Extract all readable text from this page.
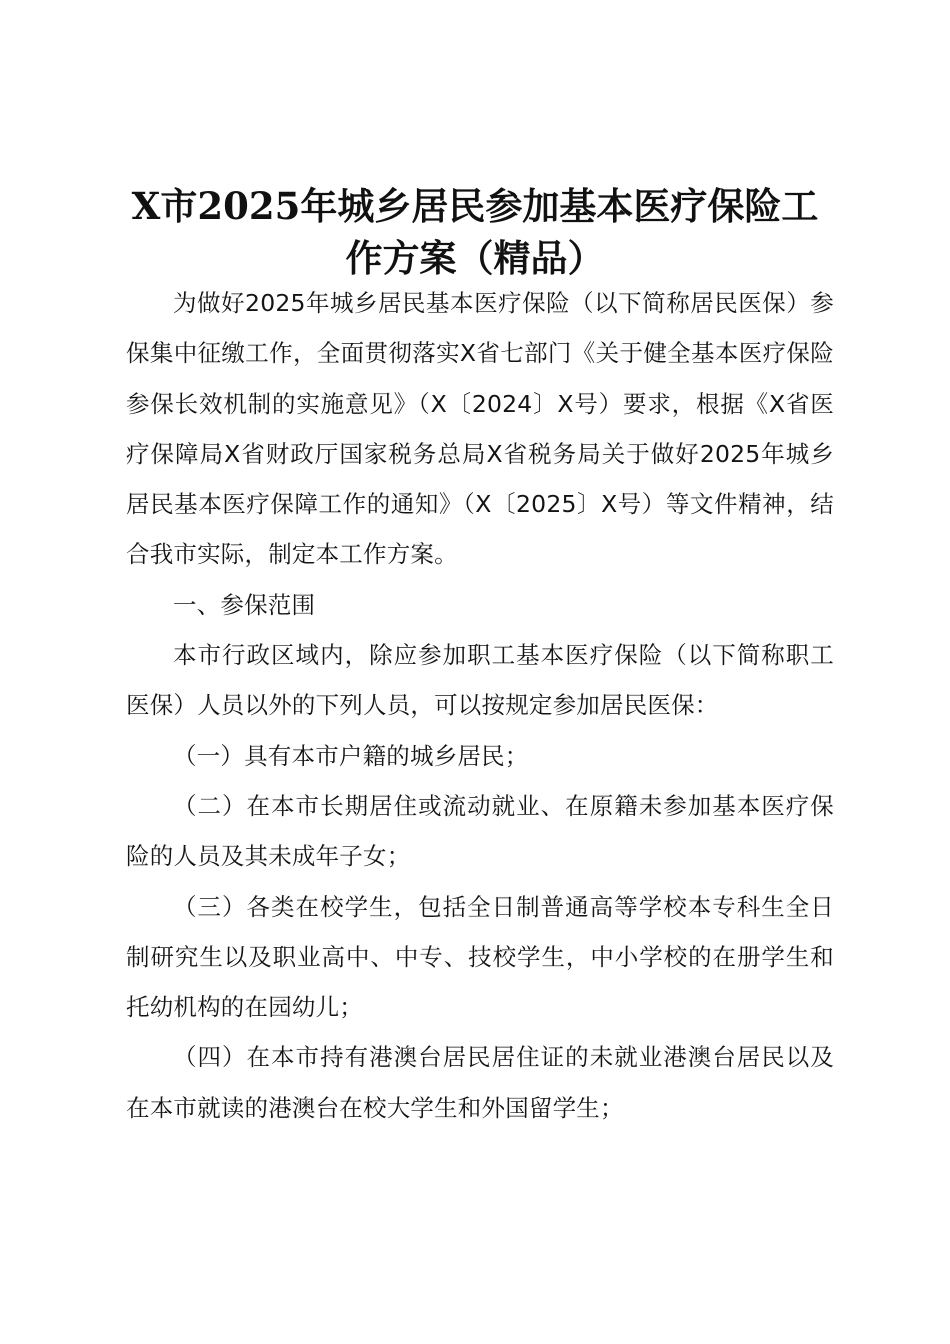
X市2025年城乡居民参加基本医疗保险工作方案（精品）

为做好2025年城乡居民基本医疗保险（以下简称居民医保）参保集中征缴工作，全面贯彻落实X省七部门《关于健全基本医疗保险参保长效机制的实施意见》（X〔2024〕X号）要求，根据《X省医疗保障局X省财政厅国家税务总局X省税务局关于做好2025年城乡居民基本医疗保障工作的通知》（X〔2025〕X号）等文件精神，结合我市实际，制定本工作方案。

一、参保范围

本市行政区域内，除应参加职工基本医疗保险（以下简称职工医保）人员以外的下列人员，可以按规定参加居民医保：

（一）具有本市户籍的城乡居民；

（二）在本市长期居住或流动就业、在原籍未参加基本医疗保险的人员及其未成年子女；

（三）各类在校学生，包括全日制普通高等学校本专科生全日制研究生以及职业高中、中专、技校学生，中小学校的在册学生和托幼机构的在园幼儿；

（四）在本市持有港澳台居民居住证的未就业港澳台居民以及在本市就读的港澳台在校大学生和外国留学生；
